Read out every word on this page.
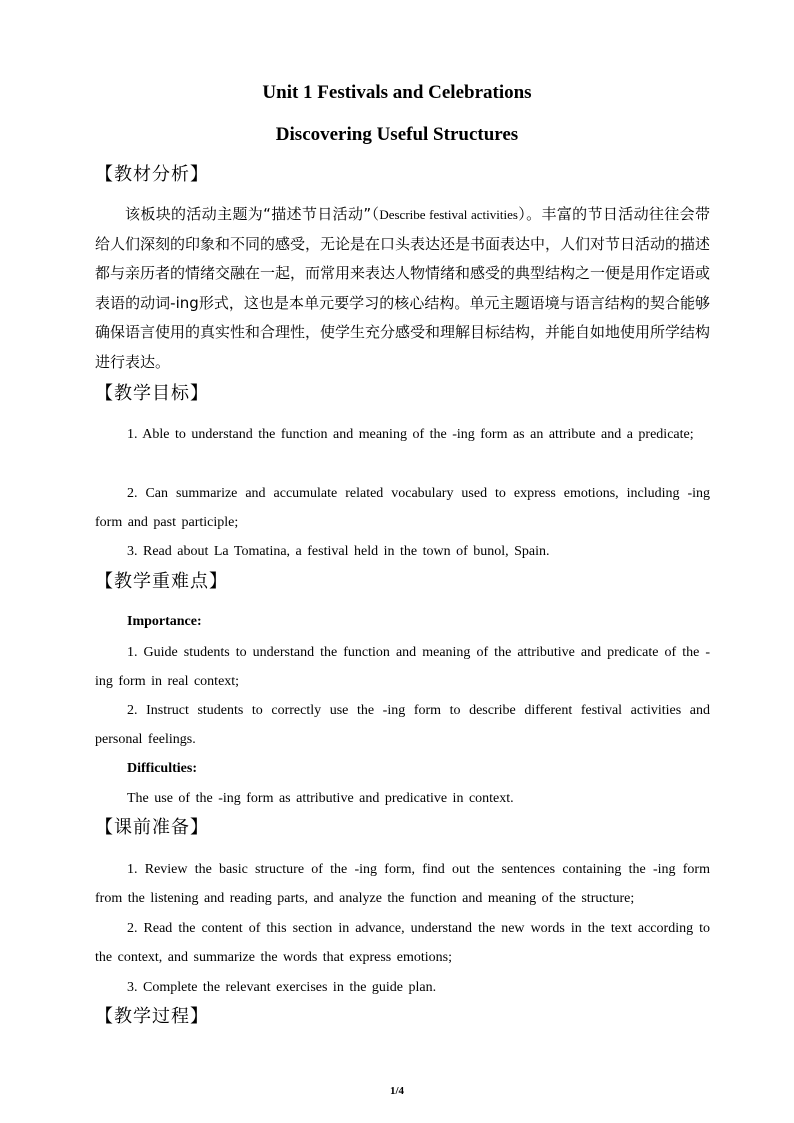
Unit 1 Festivals and Celebrations
Discovering Useful Structures
【教材分析】
该板块的活动主题为“描述节日活动”（Describe festival activities）。丰富的节日活动往往会带给人们深刻的印象和不同的感受，无论是在口头表达还是书面表达中，人们对节日活动的描述都与亲历者的情绪交融在一起，而常用来表达人物情绪和感受的典型结构之一便是用作定语或表语的动词-ing形式，这也是本单元要学习的核心结构。单元主题语境与语言结构的契合能够确保语言使用的真实性和合理性，使学生充分感受和理解目标结构，并能自如地使用所学结构进行表达。
【教学目标】
1. Able to understand the function and meaning of the -ing form as an attribute and a predicate;
2. Can summarize and accumulate related vocabulary used to express emotions, including -ing form and past participle;
3. Read about La Tomatina, a festival held in the town of bunol, Spain.
【教学重难点】
Importance:
1. Guide students to understand the function and meaning of the attributive and predicate of the -ing form in real context;
2. Instruct students to correctly use the -ing form to describe different festival activities and personal feelings.
Difficulties:
The use of the -ing form as attributive and predicative in context.
【课前准备】
1. Review the basic structure of the -ing form, find out the sentences containing the -ing form from the listening and reading parts, and analyze the function and meaning of the structure;
2. Read the content of this section in advance, understand the new words in the text according to the context, and summarize the words that express emotions;
3. Complete the relevant exercises in the guide plan.
【教学过程】
1/4
